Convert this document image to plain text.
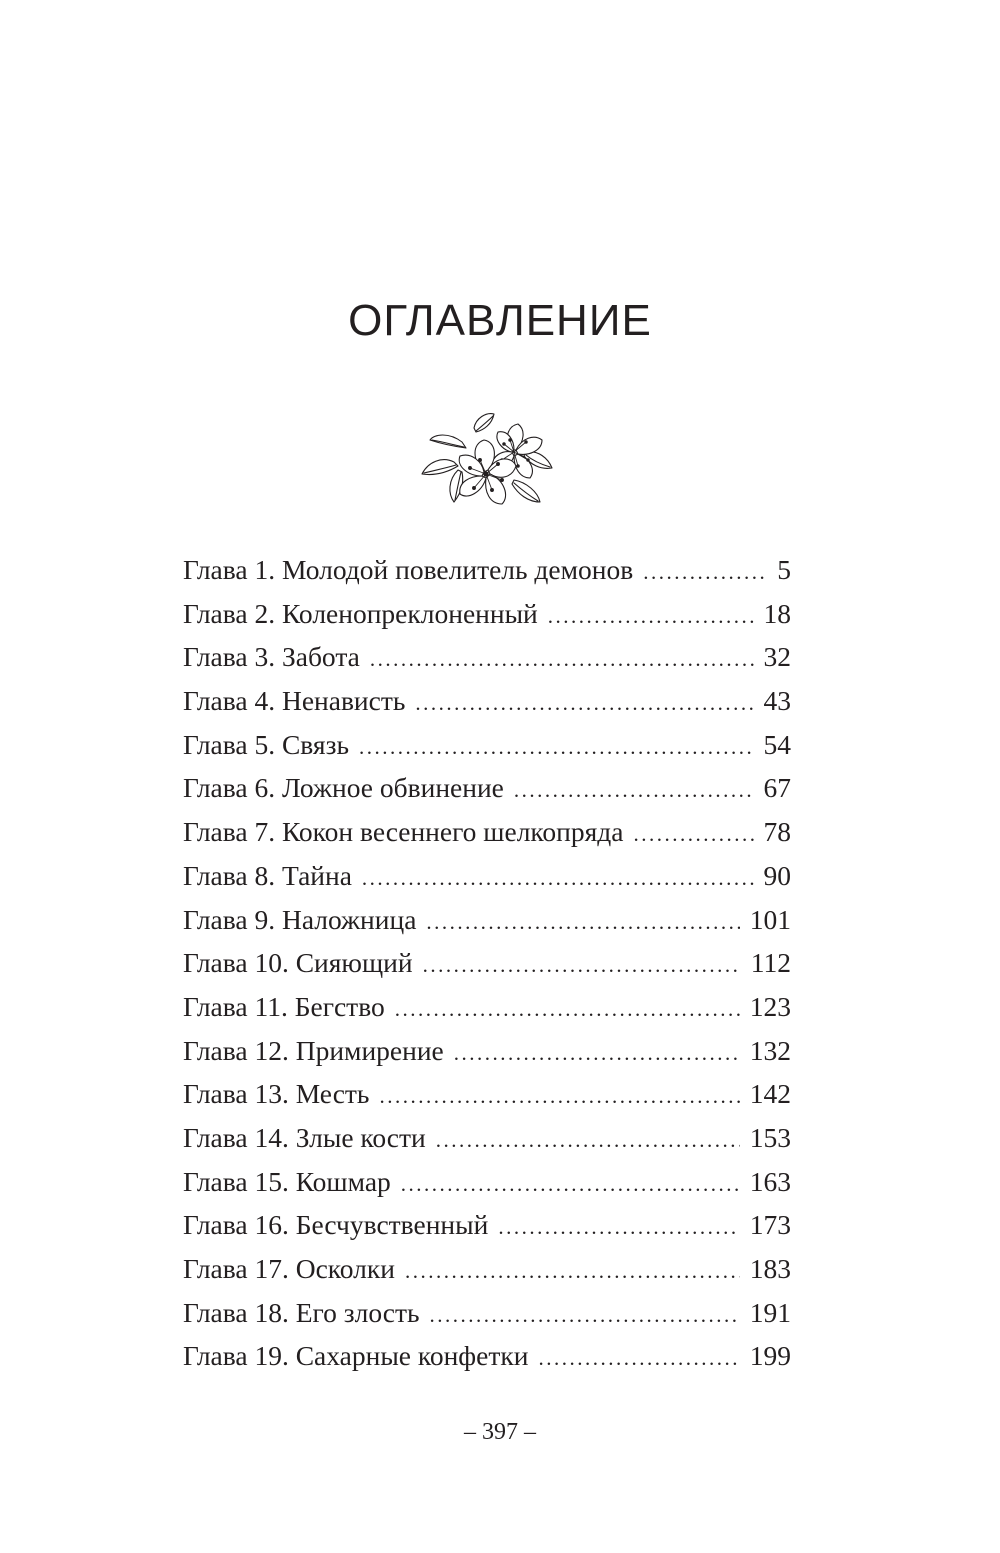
ОГЛАВЛЕНИЕ
Глава 1. Молодой повелитель демонов .....	5
Глава 2. Коленопреклоненный .....	18
Глава 3. Забота .....	32
Глава 4. Ненависть .....	43
Глава 5. Связь .....	54
Глава 6. Ложное обвинение .....	67
Глава 7. Кокон весеннего шелкопряда .....	78
Глава 8. Тайна .....	90
Глава 9. Наложница .....	101
Глава 10. Сияющий .....	112
Глава 11. Бегство .....	123
Глава 12. Примирение .....	132
Глава 13. Месть .....	142
Глава 14. Злые кости .....	153
Глава 15. Кошмар .....	163
Глава 16. Бесчувственный .....	173
Глава 17. Осколки .....	183
Глава 18. Его злость .....	191
Глава 19. Сахарные конфетки .....	199
– 397 –
